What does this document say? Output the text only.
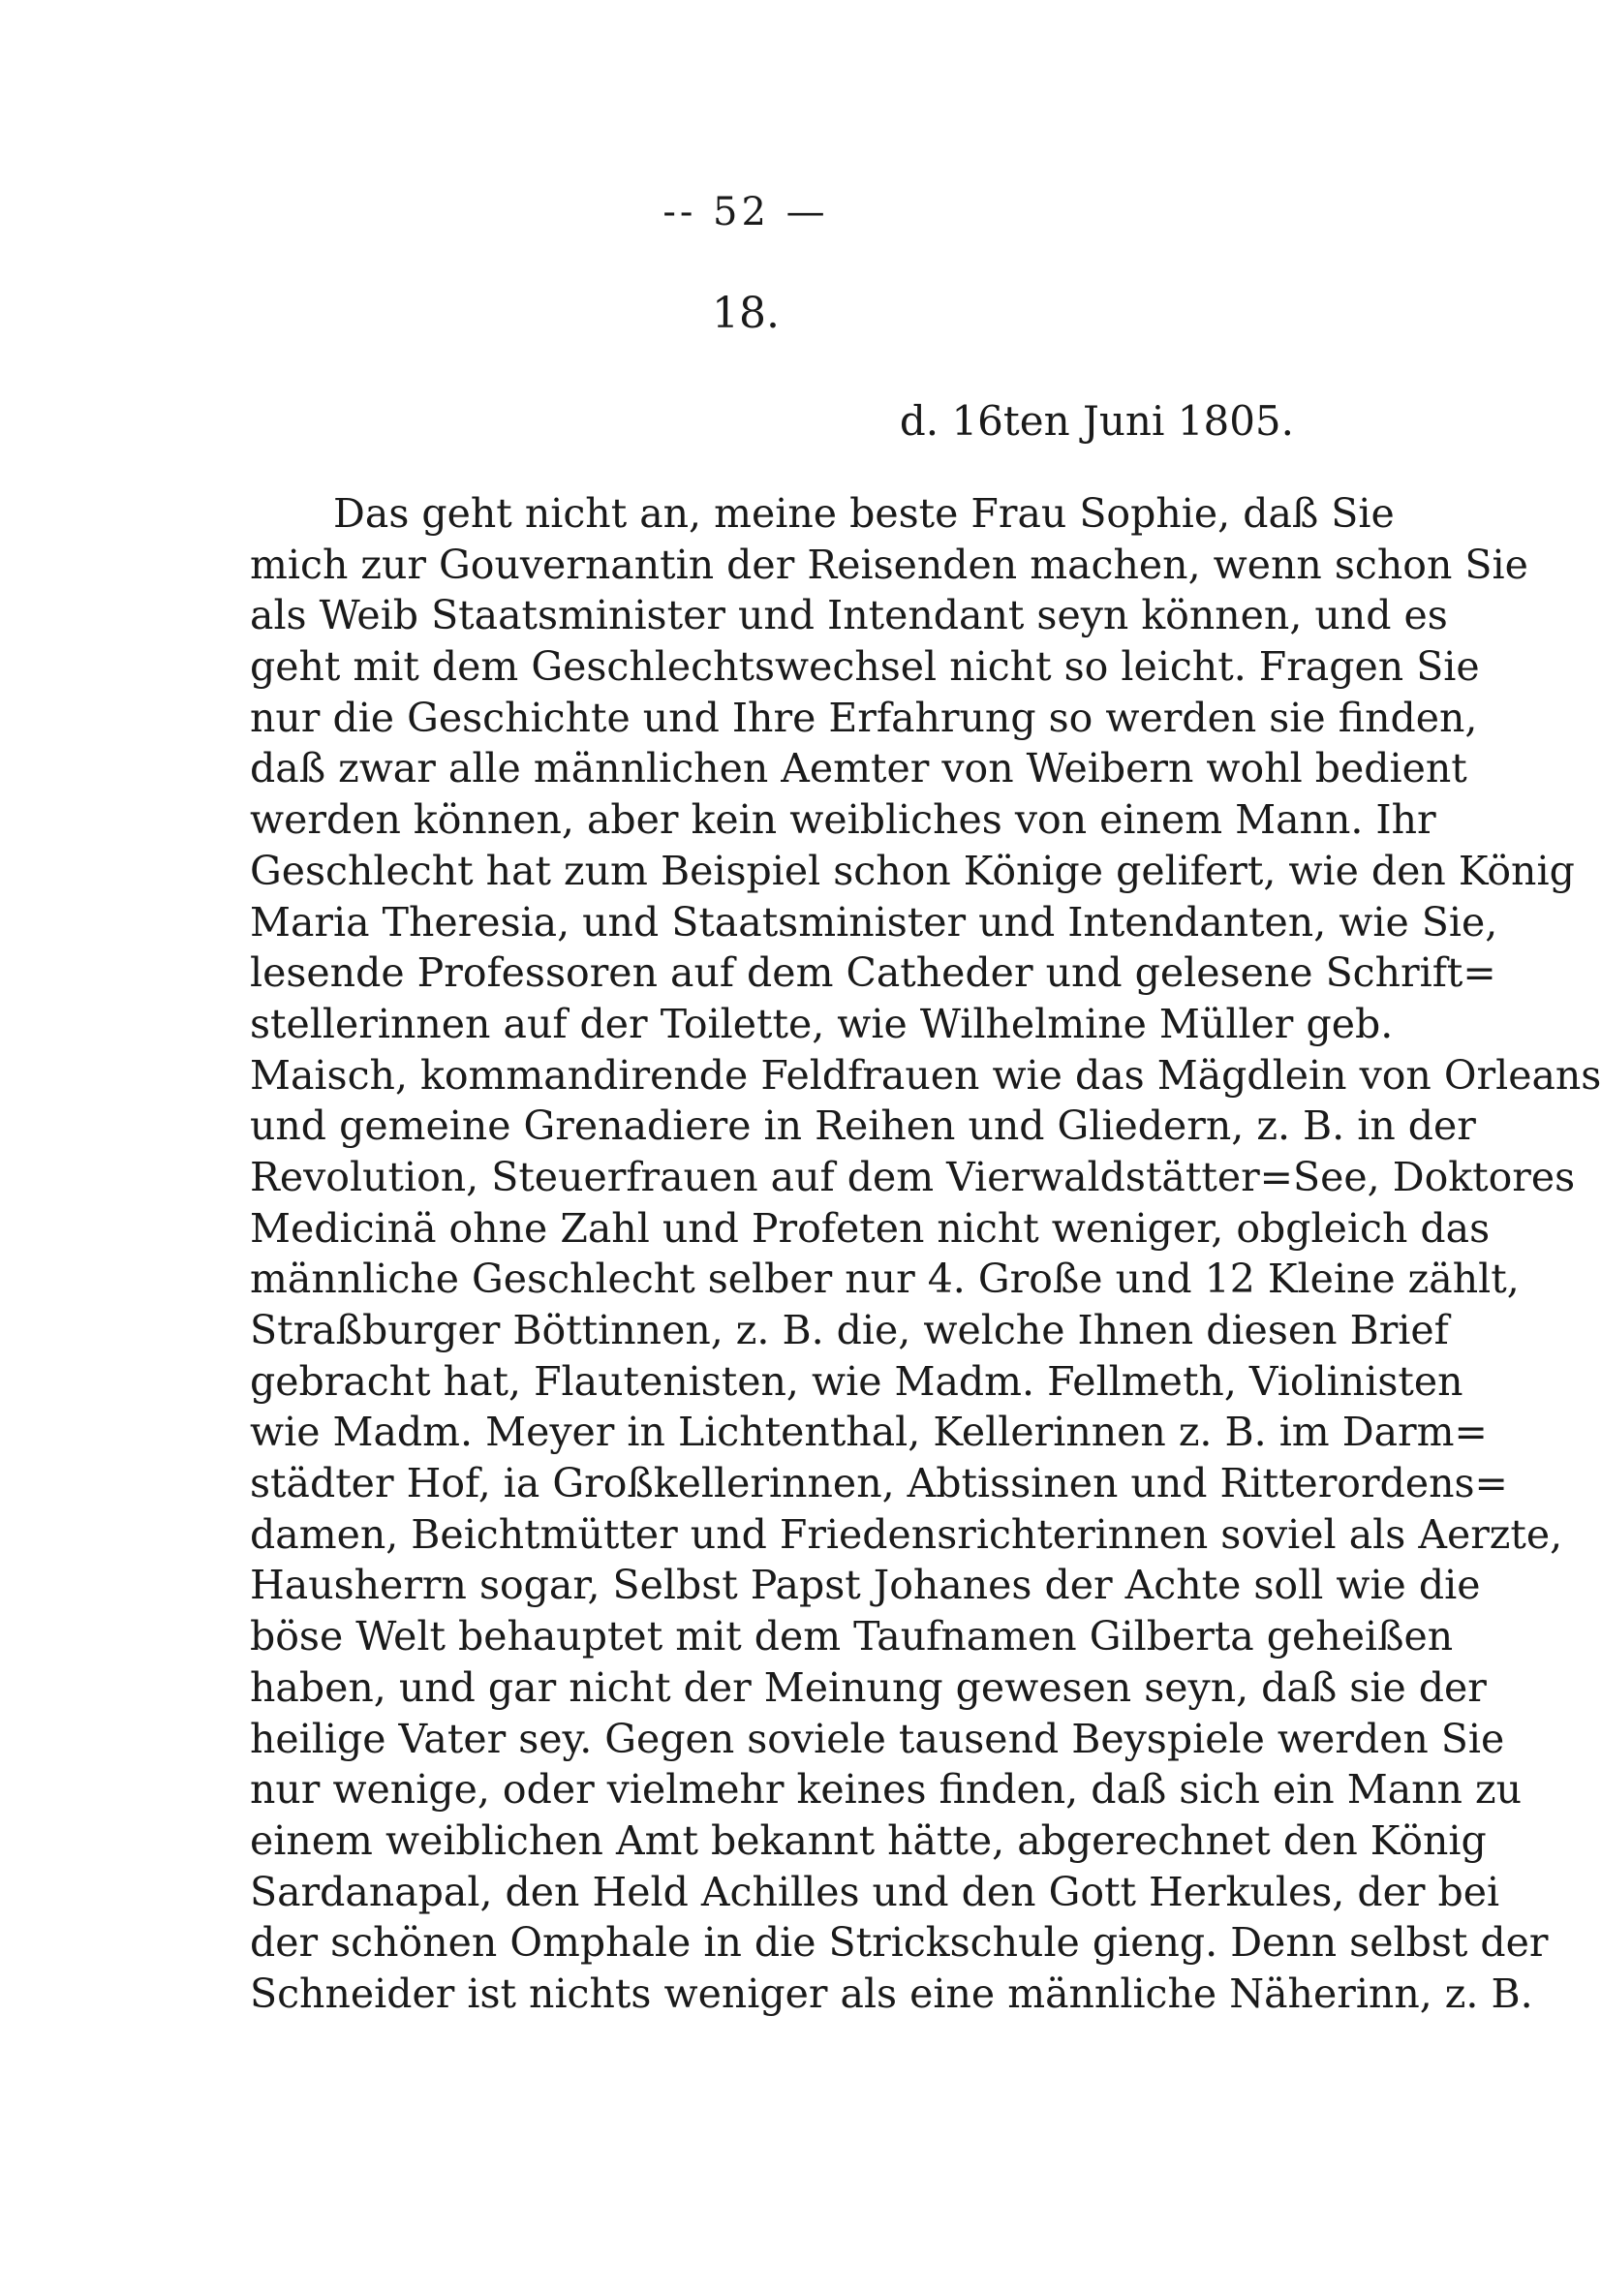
-- 52 —
18.
d. 16ten Juni 1805.
Das geht nicht an, meine beste Frau Sophie, daß Sie
mich zur Gouvernantin der Reisenden machen, wenn schon Sie
als Weib Staatsminister und Intendant seyn können, und es
geht mit dem Geschlechtswechsel nicht so leicht. Fragen Sie
nur die Geschichte und Ihre Erfahrung so werden sie finden,
daß zwar alle männlichen Aemter von Weibern wohl bedient
werden können, aber kein weibliches von einem Mann. Ihr
Geschlecht hat zum Beispiel schon Könige gelifert, wie den König
Maria Theresia, und Staatsminister und Intendanten, wie Sie,
lesende Professoren auf dem Catheder und gelesene Schrift=
stellerinnen auf der Toilette, wie Wilhelmine Müller geb.
Maisch, kommandirende Feldfrauen wie das Mägdlein von Orleans
und gemeine Grenadiere in Reihen und Gliedern, z. B. in der
Revolution, Steuerfrauen auf dem Vierwaldstätter=See, Doktores
Medicinä ohne Zahl und Profeten nicht weniger, obgleich das
männliche Geschlecht selber nur 4. Große und 12 Kleine zählt,
Straßburger Böttinnen, z. B. die, welche Ihnen diesen Brief
gebracht hat, Flautenisten, wie Madm. Fellmeth, Violinisten
wie Madm. Meyer in Lichtenthal, Kellerinnen z. B. im Darm=
städter Hof, ia Großkellerinnen, Abtissinen und Ritterordens=
damen, Beichtmütter und Friedensrichterinnen soviel als Aerzte,
Hausherrn sogar, Selbst Papst Johanes der Achte soll wie die
böse Welt behauptet mit dem Taufnamen Gilberta geheißen
haben, und gar nicht der Meinung gewesen seyn, daß sie der
heilige Vater sey. Gegen soviele tausend Beyspiele werden Sie
nur wenige, oder vielmehr keines finden, daß sich ein Mann zu
einem weiblichen Amt bekannt hätte, abgerechnet den König
Sardanapal, den Held Achilles und den Gott Herkules, der bei
der schönen Omphale in die Strickschule gieng. Denn selbst der
Schneider ist nichts weniger als eine männliche Näherinn, z. B.
